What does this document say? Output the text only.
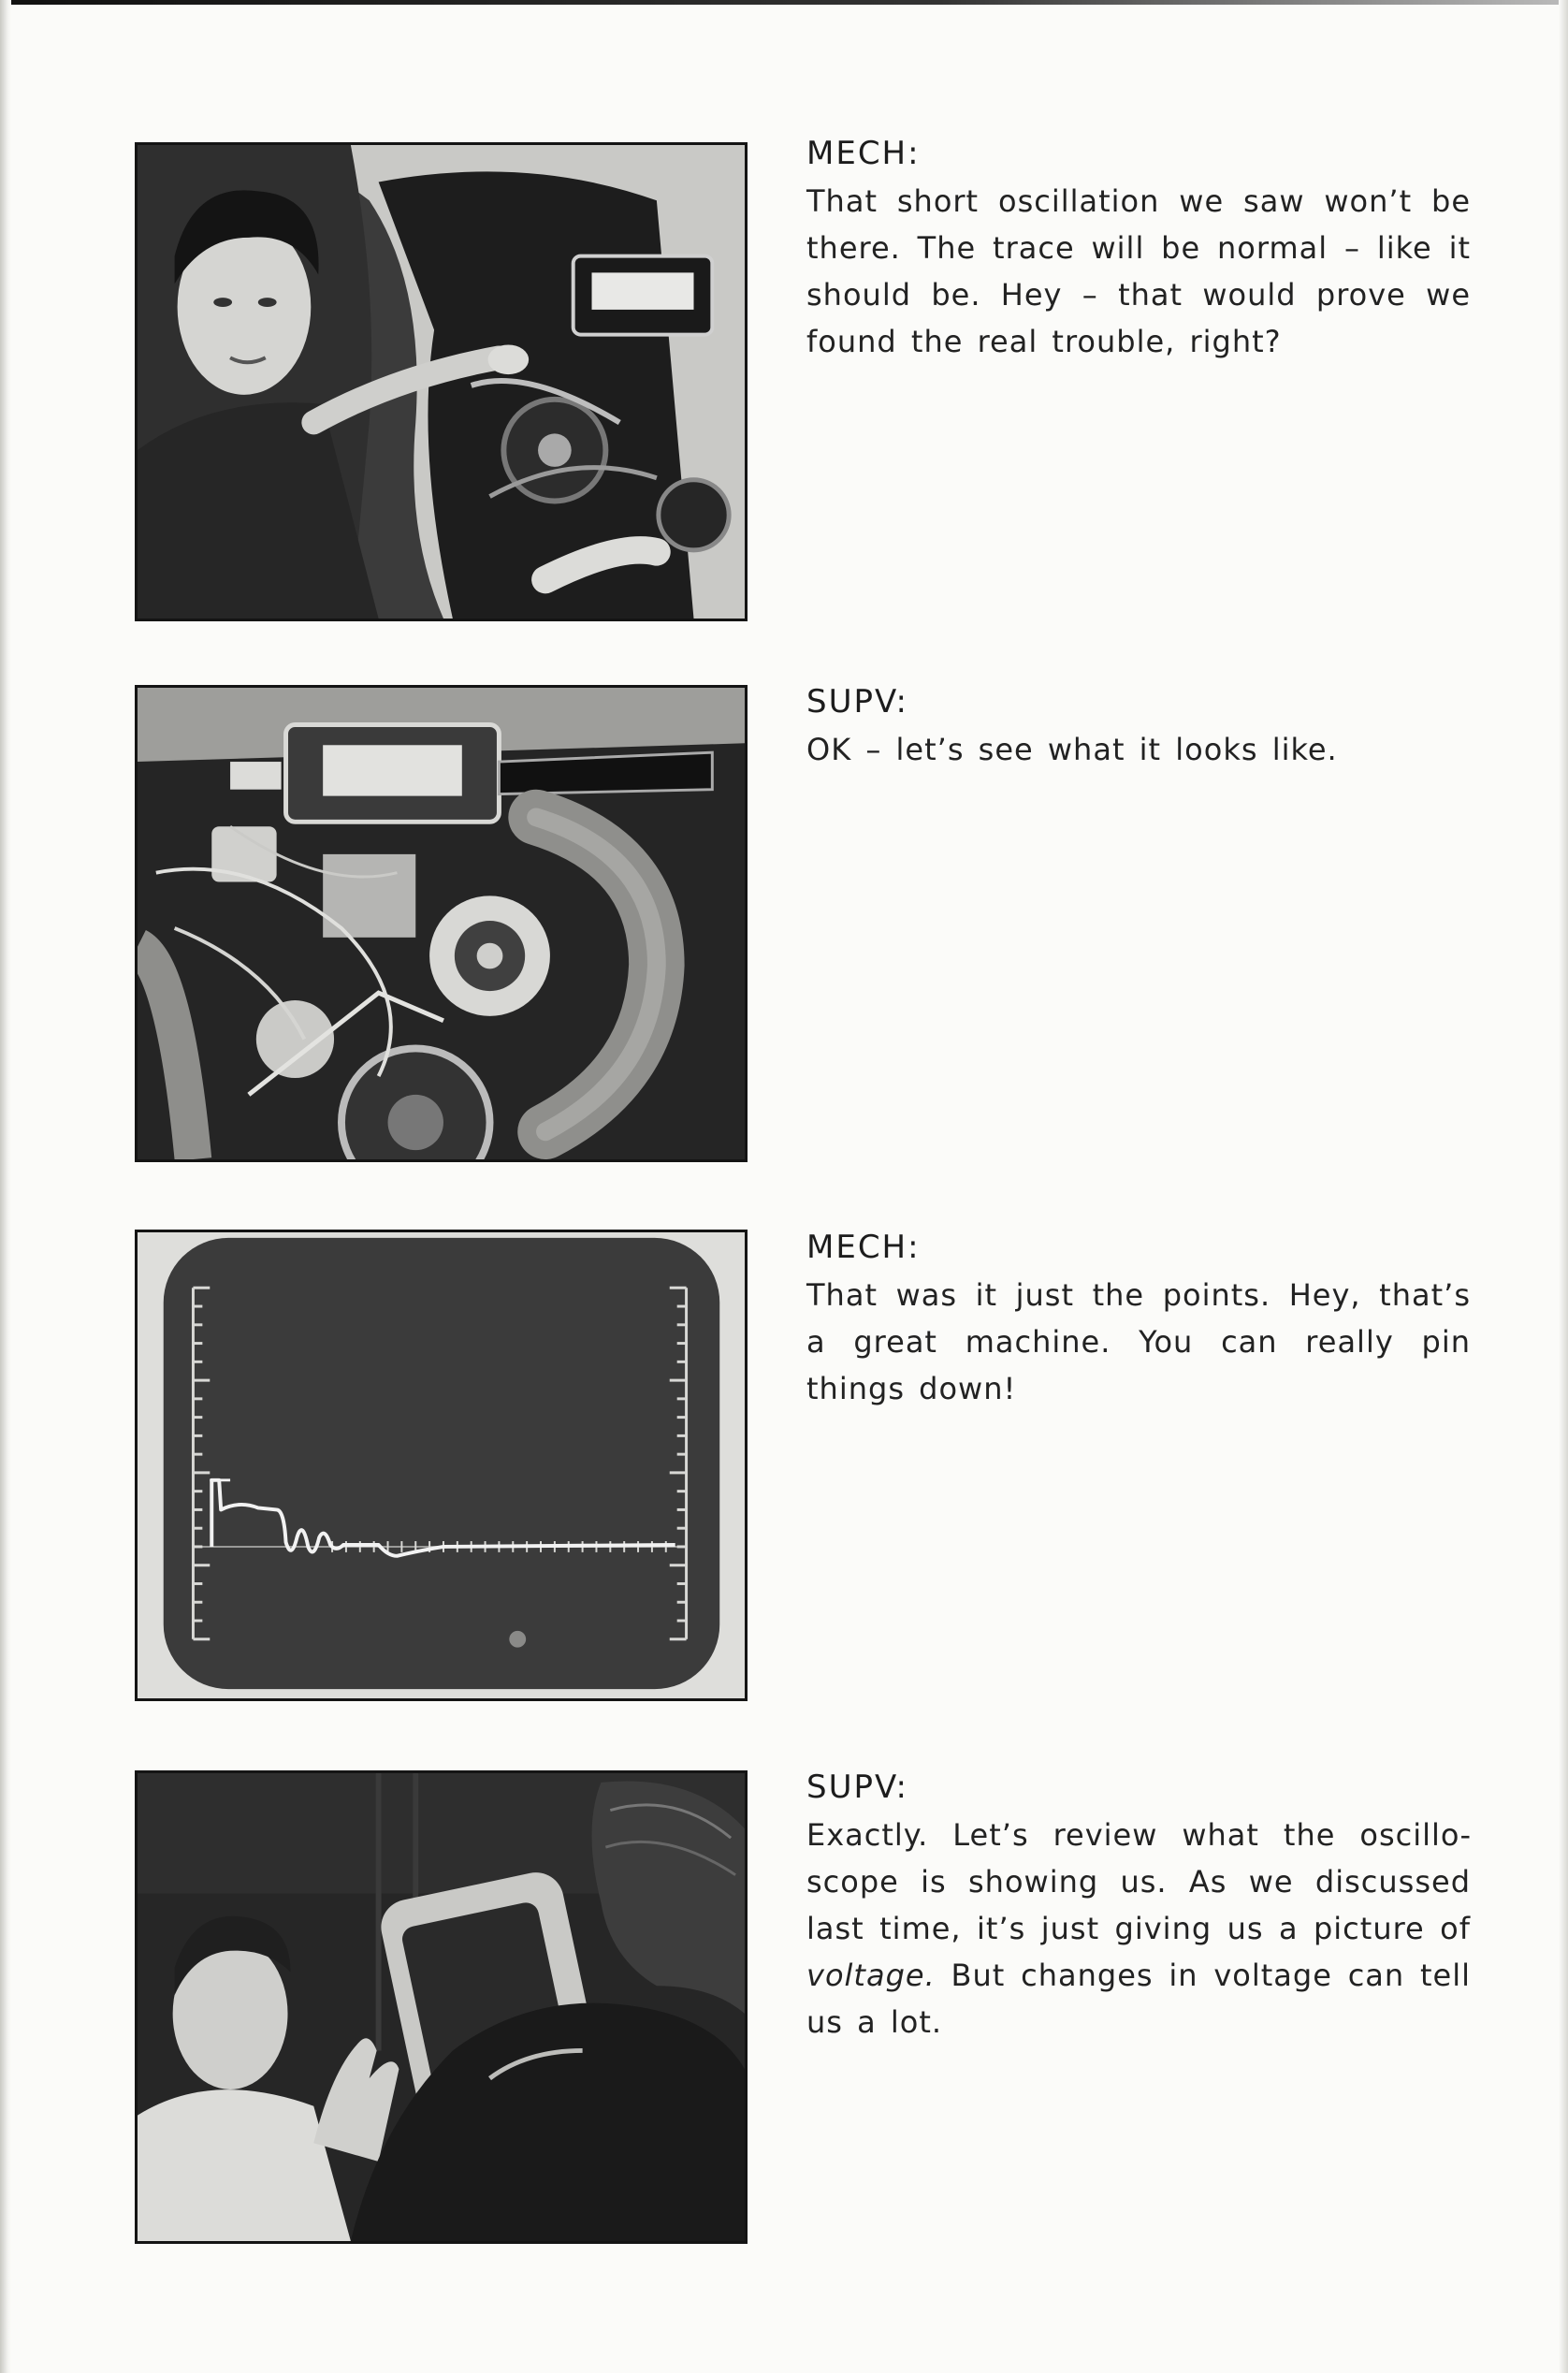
MECH:
That short oscillation we saw won’t be there. The trace will be normal – like it should be. Hey – that would prove we found the real trouble, right?
SUPV:
OK – let’s see what it looks like.
MECH:
That was it just the points. Hey, that’s a great machine. You can really pin things down!
SUPV:
Exactly. Let’s review what the oscilloscope is showing us. As we discussed last time, it’s just giving us a picture of voltage. But changes in voltage can tell us a lot.
